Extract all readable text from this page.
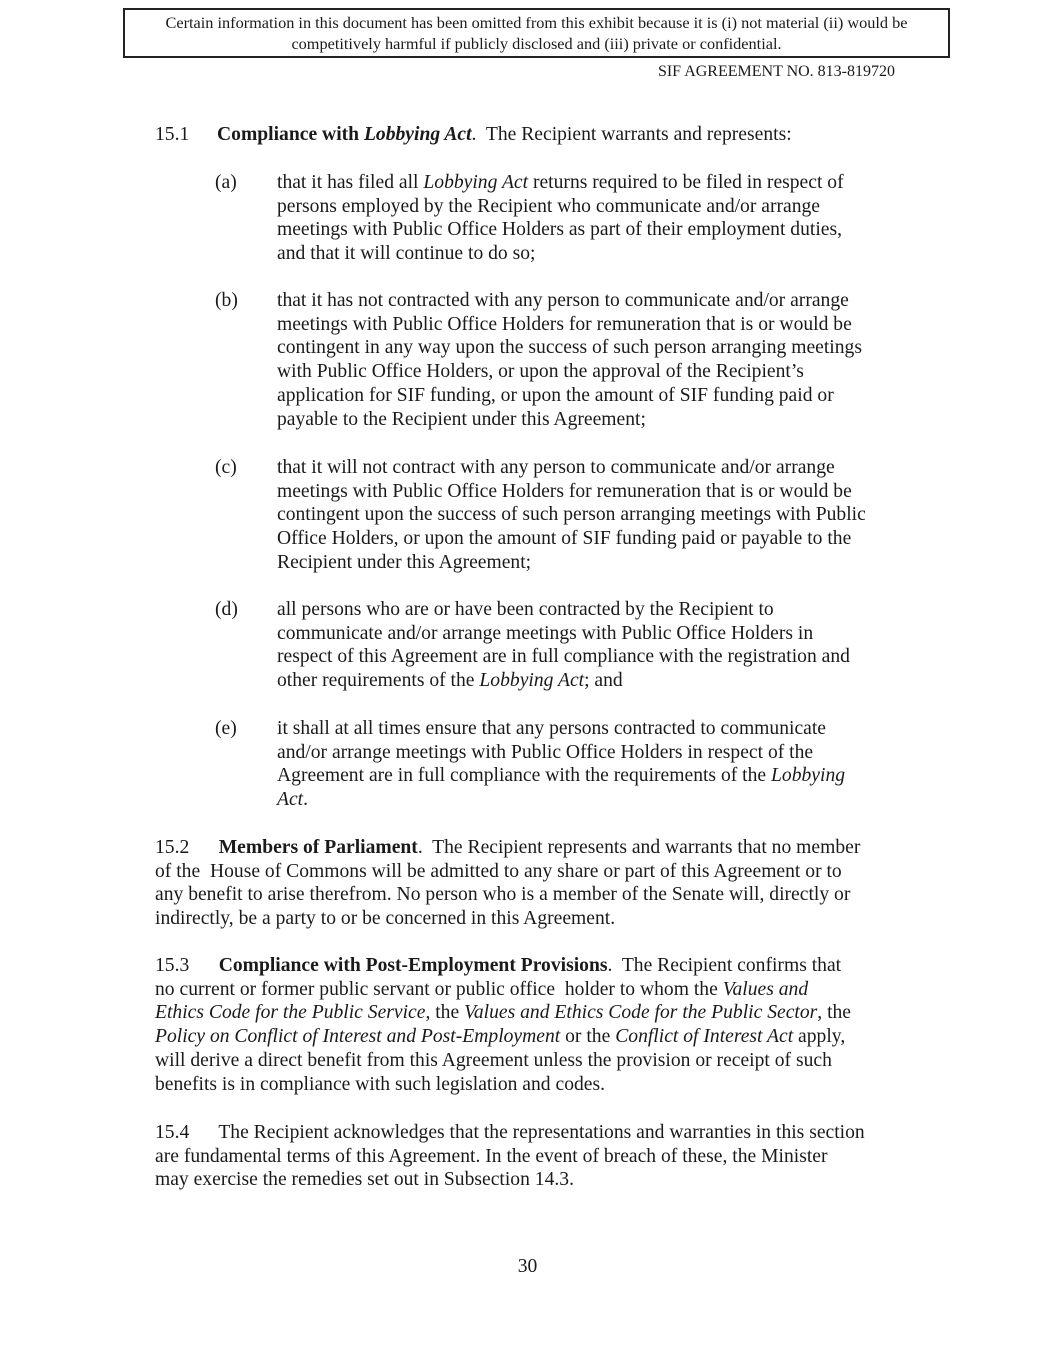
Certain information in this document has been omitted from this exhibit because it is (i) not material (ii) would be competitively harmful if publicly disclosed and (iii) private or confidential.
SIF AGREEMENT NO. 813-819720
15.1 Compliance with Lobbying Act.  The Recipient warrants and represents:
(a) that it has filed all Lobbying Act returns required to be filed in respect of
persons employed by the Recipient who communicate and/or arrange
meetings with Public Office Holders as part of their employment duties,
and that it will continue to do so;
(b) that it has not contracted with any person to communicate and/or arrange
meetings with Public Office Holders for remuneration that is or would be
contingent in any way upon the success of such person arranging meetings
with Public Office Holders, or upon the approval of the Recipient’s
application for SIF funding, or upon the amount of SIF funding paid or
payable to the Recipient under this Agreement;
(c) that it will not contract with any person to communicate and/or arrange
meetings with Public Office Holders for remuneration that is or would be
contingent upon the success of such person arranging meetings with Public
Office Holders, or upon the amount of SIF funding paid or payable to the
Recipient under this Agreement;
(d) all persons who are or have been contracted by the Recipient to
communicate and/or arrange meetings with Public Office Holders in
respect of this Agreement are in full compliance with the registration and
other requirements of the Lobbying Act; and
(e) it shall at all times ensure that any persons contracted to communicate
and/or arrange meetings with Public Office Holders in respect of the
Agreement are in full compliance with the requirements of the Lobbying
Act.
15.2      Members of Parliament.  The Recipient represents and warrants that no member
of the  House of Commons will be admitted to any share or part of this Agreement or to
any benefit to arise therefrom. No person who is a member of the Senate will, directly or
indirectly, be a party to or be concerned in this Agreement.
15.3      Compliance with Post-Employment Provisions.  The Recipient confirms that
no current or former public servant or public office  holder to whom the Values and
Ethics Code for the Public Service, the Values and Ethics Code for the Public Sector, the
Policy on Conflict of Interest and Post-Employment or the Conflict of Interest Act apply,
will derive a direct benefit from this Agreement unless the provision or receipt of such
benefits is in compliance with such legislation and codes.
15.4      The Recipient acknowledges that the representations and warranties in this section
are fundamental terms of this Agreement. In the event of breach of these, the Minister
may exercise the remedies set out in Subsection 14.3.
30
